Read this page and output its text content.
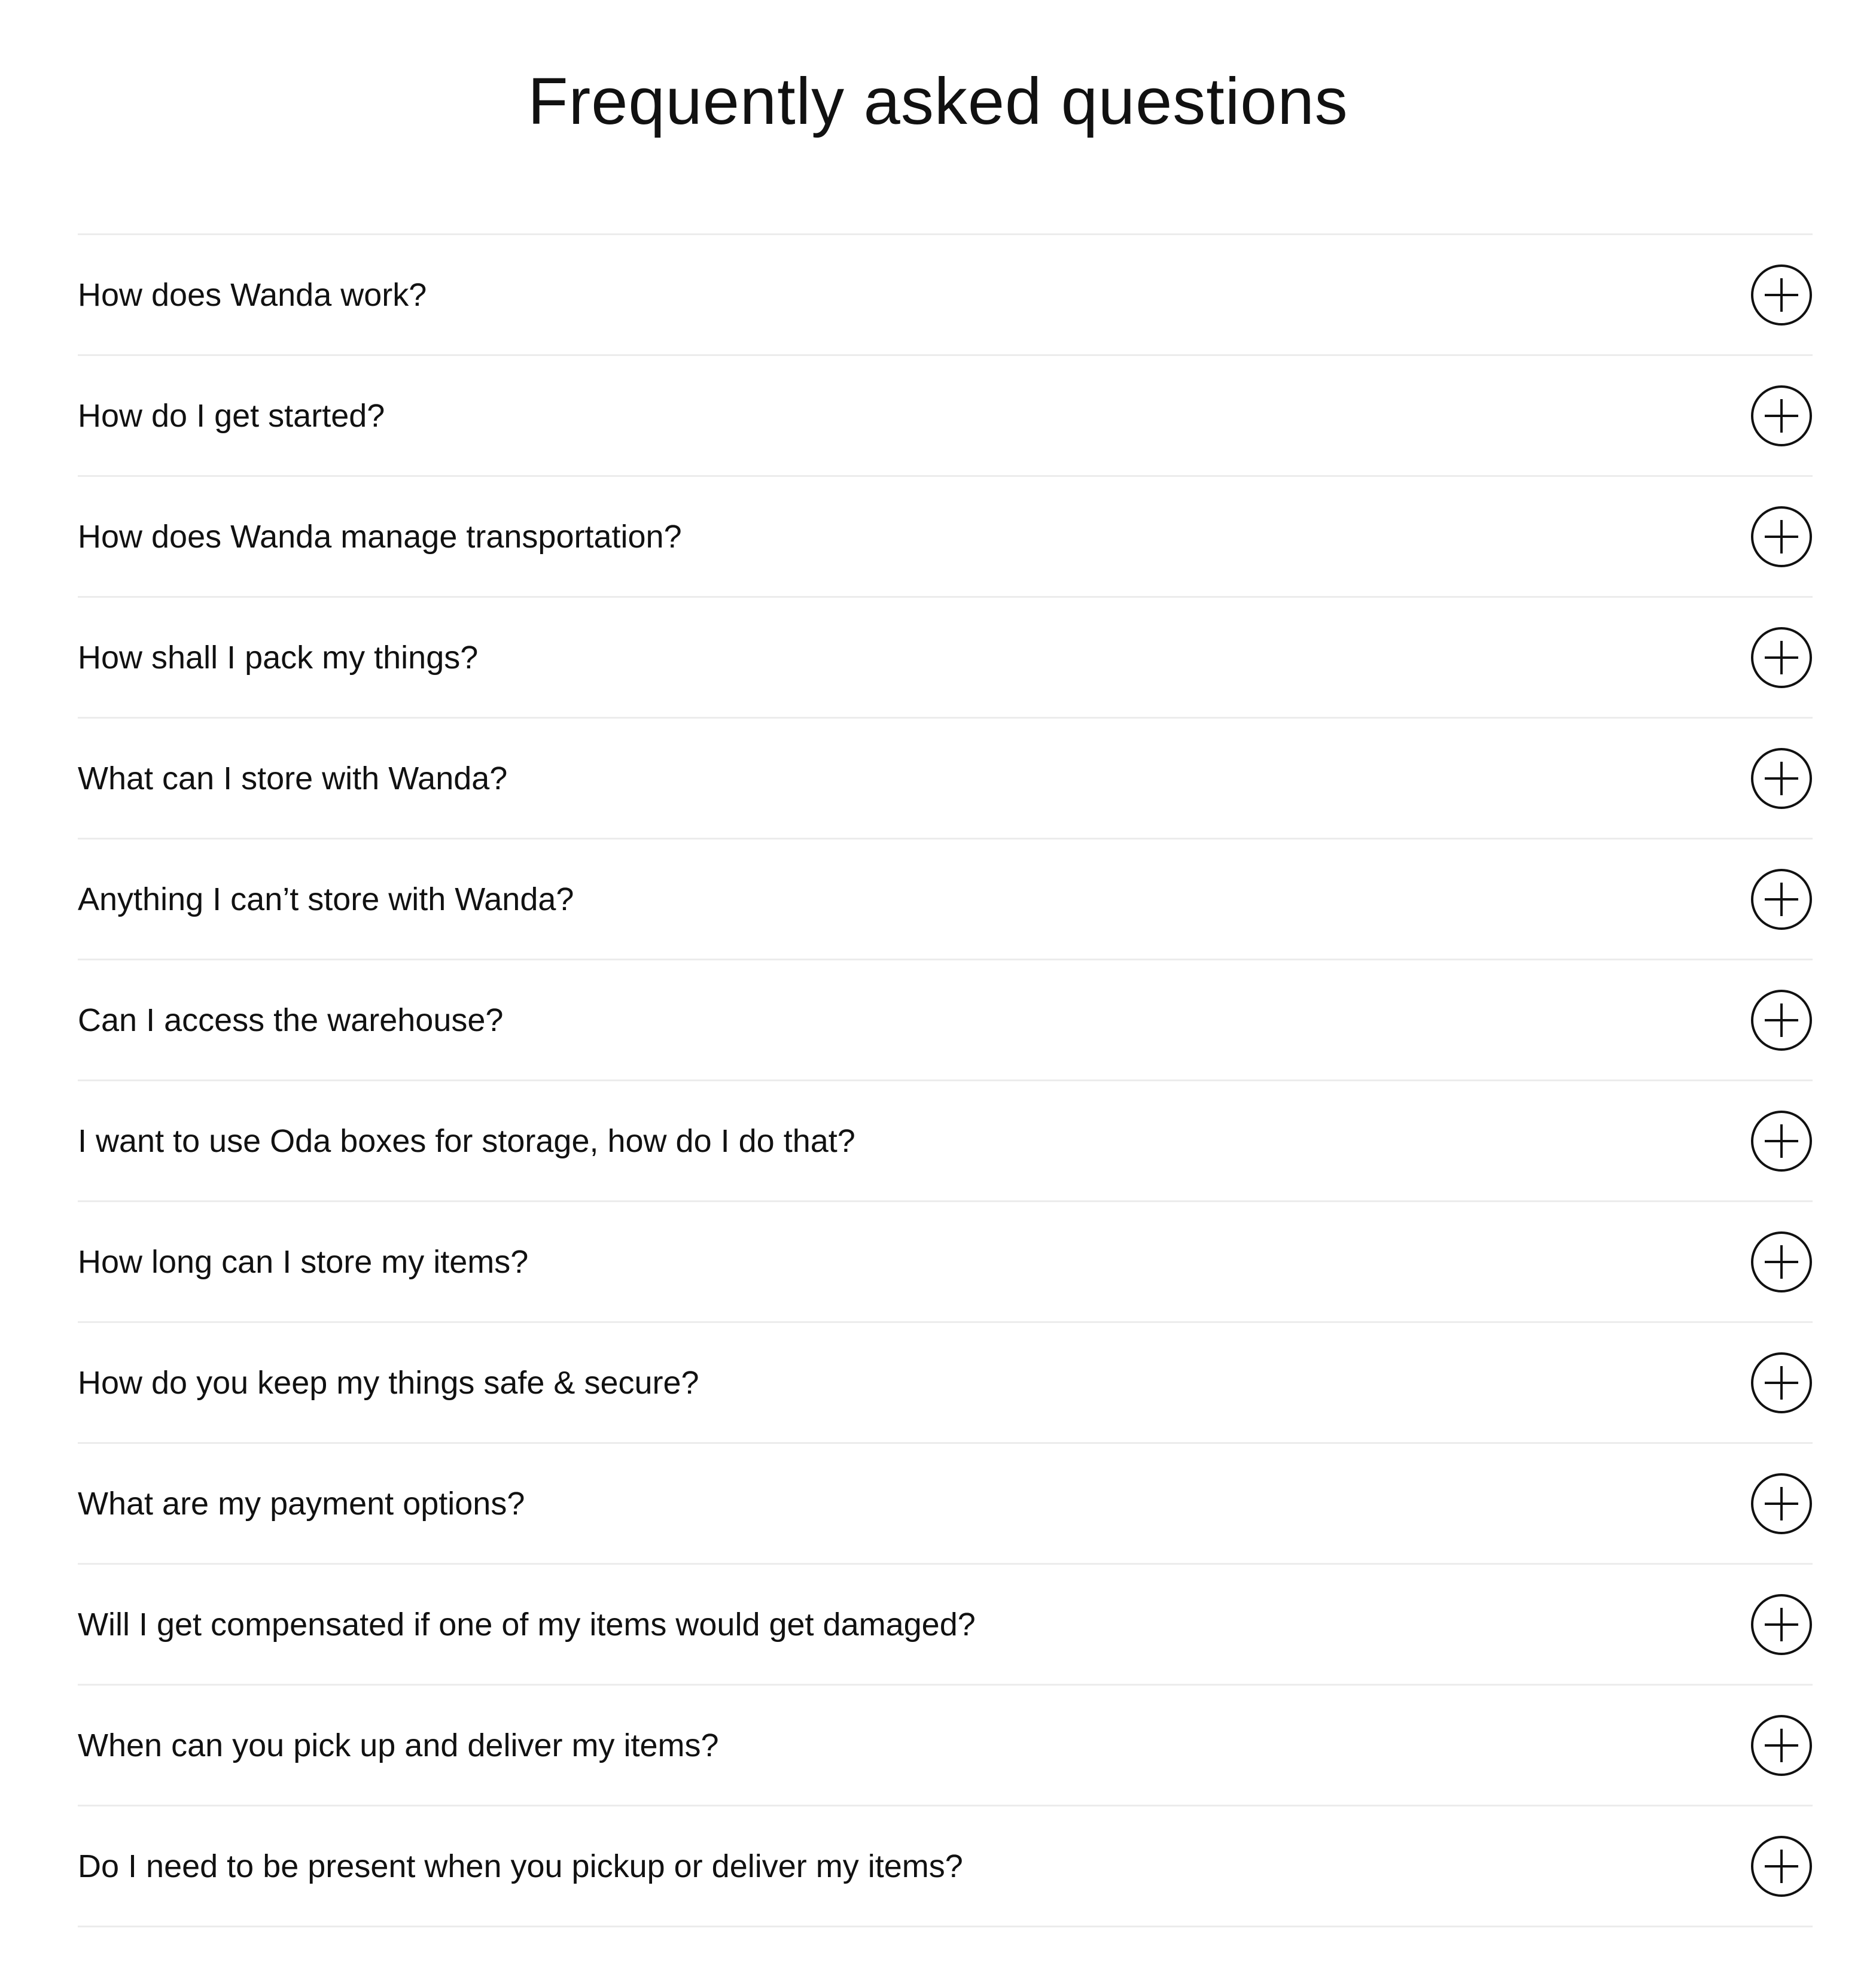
Frequently asked questions
How does Wanda work?
How do I get started?
How does Wanda manage transportation?
How shall I pack my things?
What can I store with Wanda?
Anything I can’t store with Wanda?
Can I access the warehouse?
I want to use Oda boxes for storage, how do I do that?
How long can I store my items?
How do you keep my things safe & secure?
What are my payment options?
Will I get compensated if one of my items would get damaged?
When can you pick up and deliver my items?
Do I need to be present when you pickup or deliver my items?
